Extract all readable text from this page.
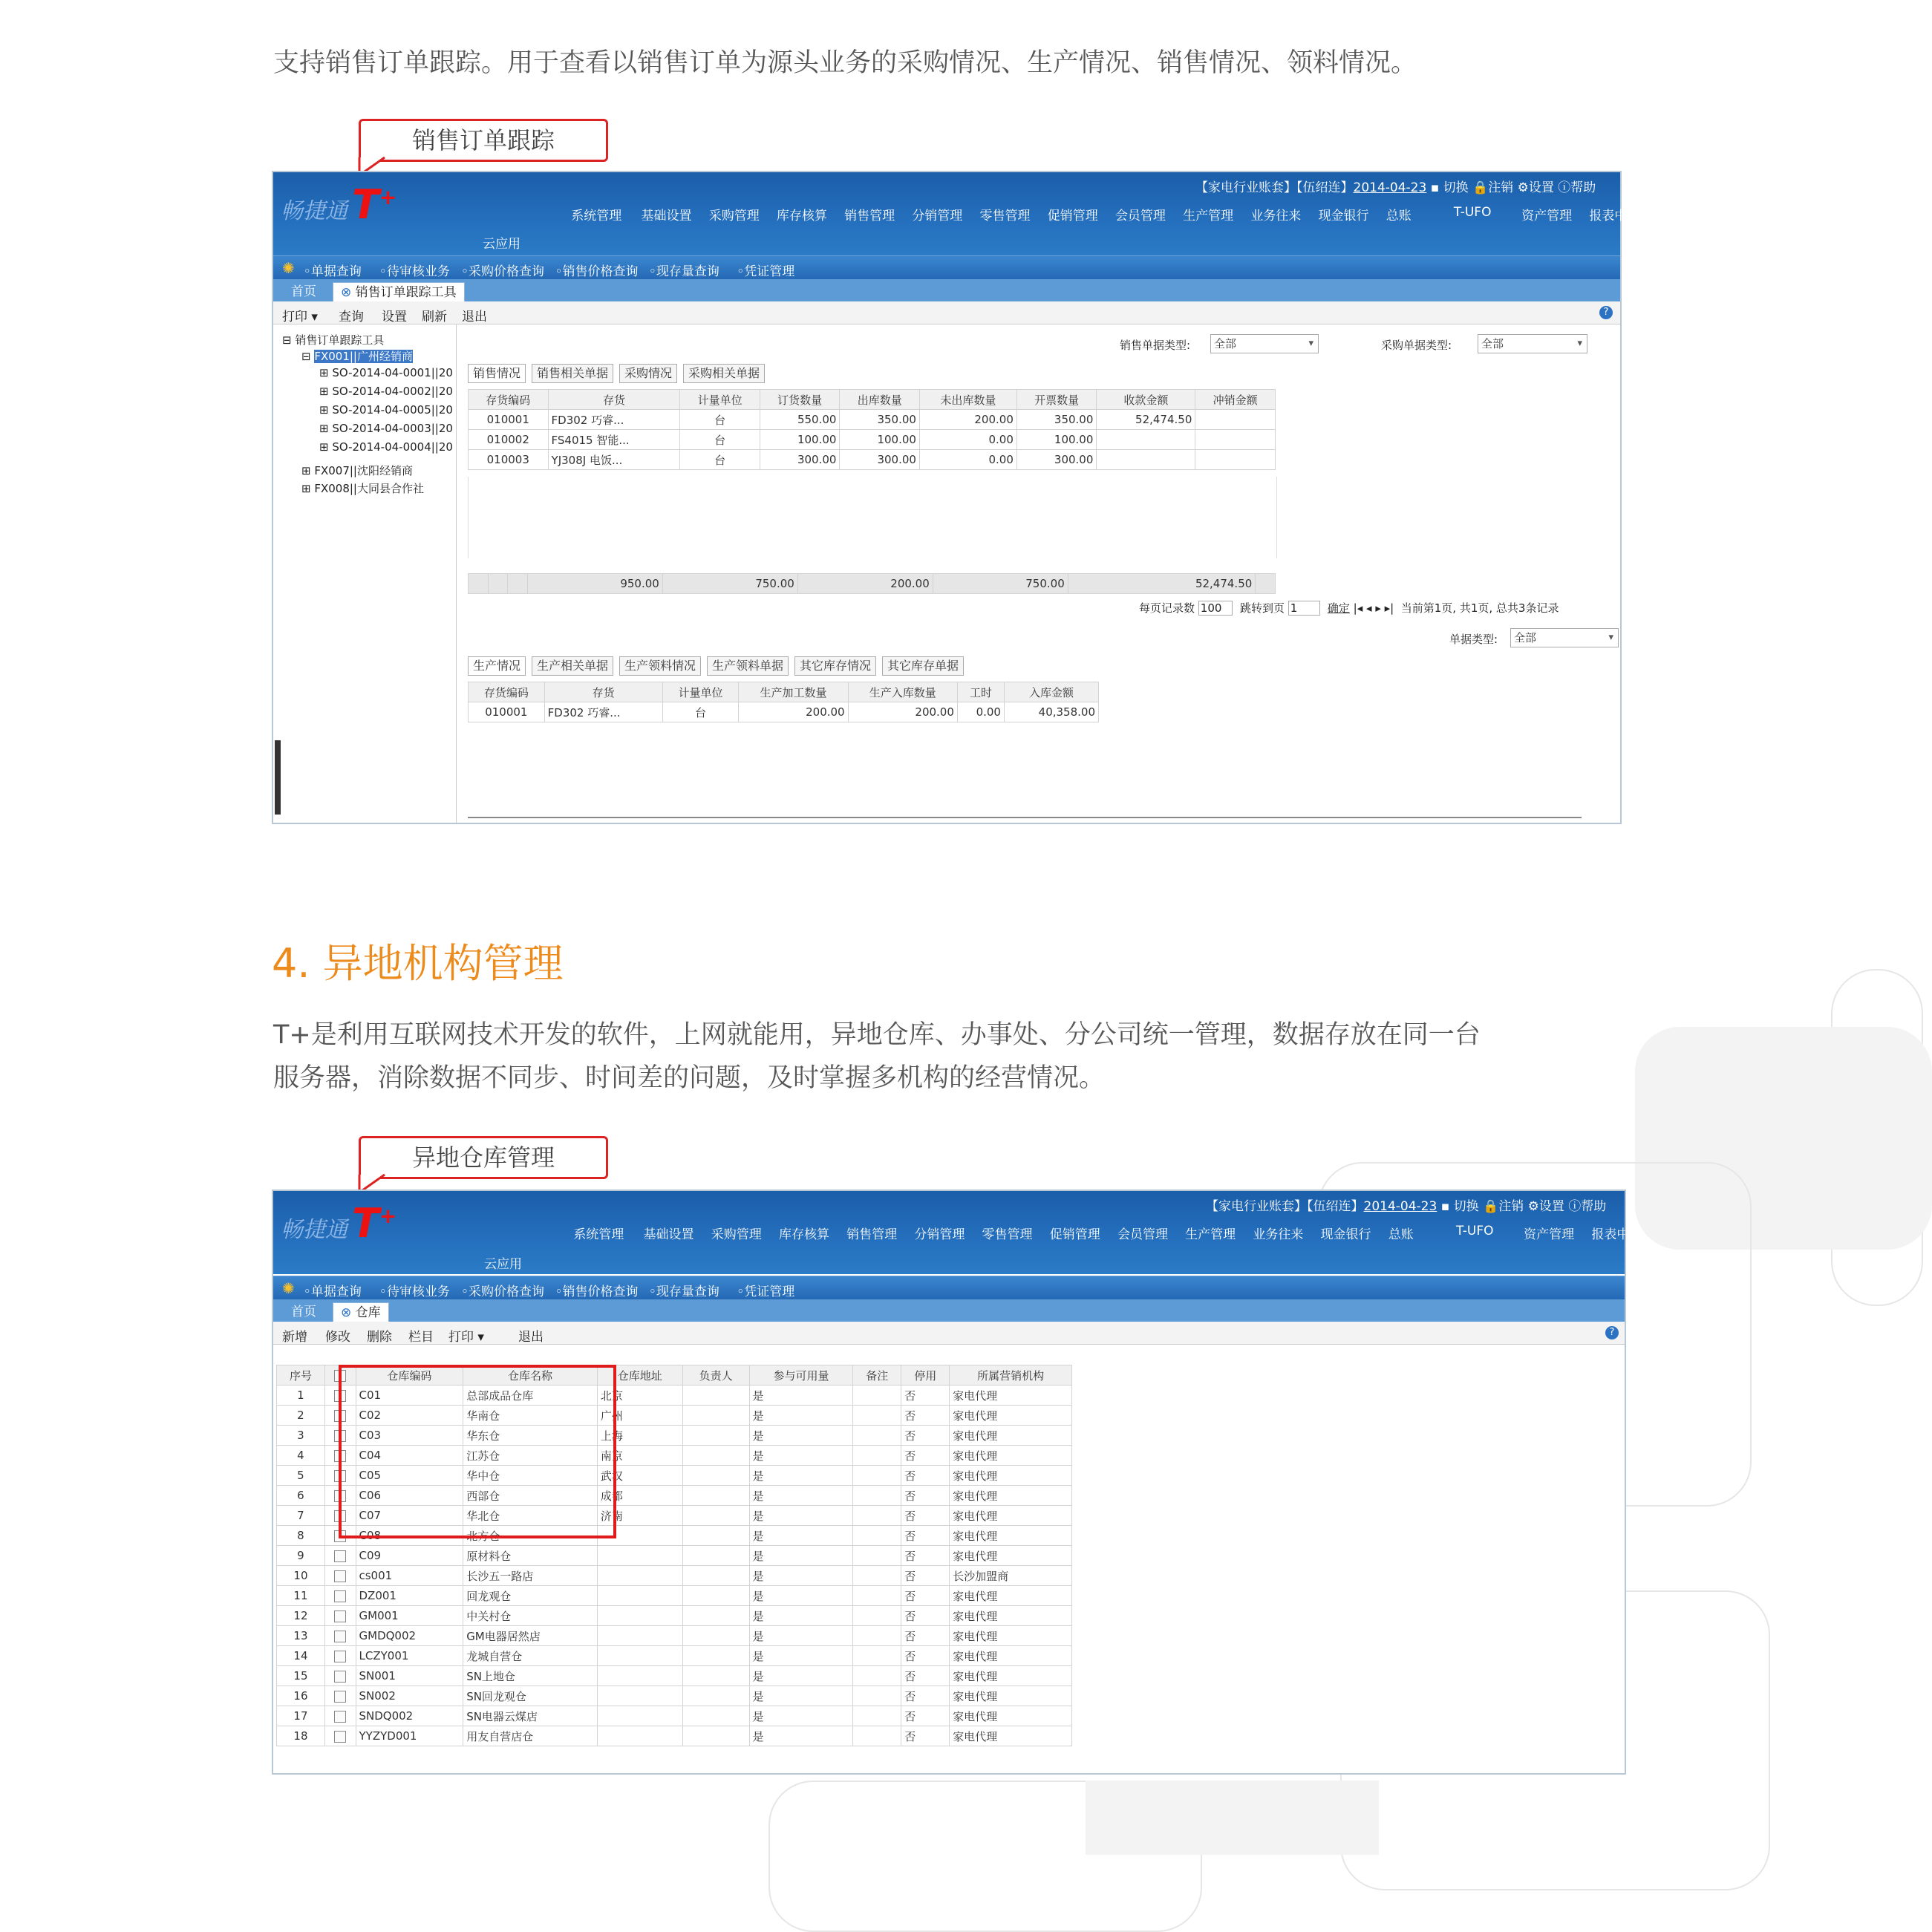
支持销售订单跟踪。用于查看以销售订单为源头业务的采购情况、生产情况、销售情况、领料情况。
销售订单跟踪
畅捷通 T+	【家电行业账套】【伍绍连】2014-04-23 ▪ 切换 🔒注销 ⚙设置 ⓘ帮助
系统管理 基础设置 采购管理 库存核算 销售管理 分销管理 零售管理 促销管理 会员管理 生产管理 业务往来 现金银行 总账	T-UFO 资产管理 报表中心
云应用
✺ ◦单据查询 ◦待审核业务 ◦采购价格查询 ◦销售价格查询 ◦现存量查询 ◦凭证管理
首页	⊗ 销售订单跟踪工具
打印 ▾ 查询 设置 刷新 退出	?
⊟ 销售订单跟踪工具
⊟ FX001||广州经销商
⊞ SO-2014-04-0001||20
⊞ SO-2014-04-0002||20
⊞ SO-2014-04-0005||20
⊞ SO-2014-04-0003||20
⊞ SO-2014-04-0004||20
⊞ FX007||沈阳经销商
⊞ FX008||大同县合作社
销售单据类型:	全部 ▾	采购单据类型:	全部 ▾
销售情况	销售相关单据	采购情况	采购相关单据
存货编码	存货	计量单位	订货数量	出库数量	未出库数量	开票数量	收款金额	冲销金额
010001	FD302 巧睿...	台	550.00	350.00	200.00	350.00	52,474.50	
010002	FS4015 智能...	台	100.00	100.00	0.00	100.00		
010003	YJ308J 电饭...	台	300.00	300.00	0.00	300.00		
			950.00	750.00	200.00	750.00	52,474.50	
每页记录数 100 跳转到页 1	确定 |◂ ◂ ▸ ▸| 当前第1页, 共1页, 总共3条记录
单据类型:	全部 ▾
生产情况	生产相关单据	生产领料情况	生产领料单据	其它库存情况	其它库存单据
存货编码	存货	计量单位	生产加工数量	生产入库数量	工时	入库金额
010001	FD302 巧睿...	台	200.00	200.00	0.00	40,358.00
4. 异地机构管理
T+是利用互联网技术开发的软件，上网就能用，异地仓库、办事处、分公司统一管理，数据存放在同一台
服务器，消除数据不同步、时间差的问题，及时掌握多机构的经营情况。
异地仓库管理
畅捷通 T+	【家电行业账套】【伍绍连】2014-04-23 ▪ 切换 🔒注销 ⚙设置 ⓘ帮助
系统管理 基础设置 采购管理 库存核算 销售管理 分销管理 零售管理 促销管理 会员管理 生产管理 业务往来 现金银行 总账	T-UFO 资产管理 报表中心
云应用
✺ ◦单据查询 ◦待审核业务 ◦采购价格查询 ◦销售价格查询 ◦现存量查询 ◦凭证管理
首页	⊗ 仓库
新增 修改 删除 栏目 打印 ▾	退出	?
序号		仓库编码	仓库名称	仓库地址	负责人	参与可用量	备注	停用	所属营销机构
1		C01	总部成品仓库	北京		是		否	家电代理
2		C02	华南仓	广州		是		否	家电代理
3		C03	华东仓	上海		是		否	家电代理
4		C04	江苏仓	南京		是		否	家电代理
5		C05	华中仓	武汉		是		否	家电代理
6		C06	西部仓	成都		是		否	家电代理
7		C07	华北仓	济南		是		否	家电代理
8		C08	北方仓			是		否	家电代理
9		C09	原材料仓			是		否	家电代理
10		cs001	长沙五一路店			是		否	长沙加盟商
11		DZ001	回龙观仓			是		否	家电代理
12		GM001	中关村仓			是		否	家电代理
13		GMDQ002	GM电器居然店			是		否	家电代理
14		LCZY001	龙城自营仓			是		否	家电代理
15		SN001	SN上地仓			是		否	家电代理
16		SN002	SN回龙观仓			是		否	家电代理
17		SNDQ002	SN电器云煤店			是		否	家电代理
18		YYZYD001	用友自营店仓			是		否	家电代理
